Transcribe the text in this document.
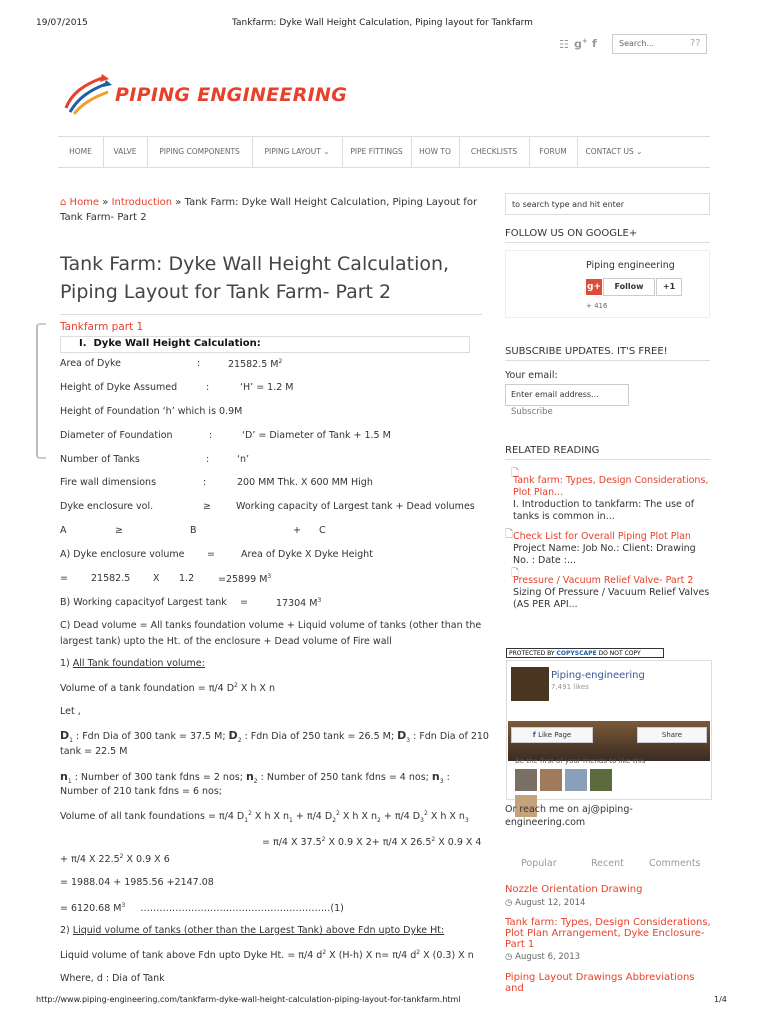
19/07/2015	Tankfarm: Dyke Wall Height Calculation, Piping layout for Tankfarm
☷ g+ f	Search...	??
PIPING ENGINEERING
HOME	VALVE	PIPING COMPONENTS	PIPING LAYOUT ⌄	PIPE FITTINGS	HOW TO	CHECKLISTS	FORUM	CONTACT US ⌄
⌂ Home » Introduction » Tank Farm: Dyke Wall Height Calculation, Piping Layout for Tank Farm- Part 2
Tank Farm: Dyke Wall Height Calculation, Piping Layout for Tank Farm- Part 2
Tankfarm part 1
I. Dyke Wall Height Calculation:
Area of Dyke	:	21582.5 $M^2$
Height of Dyke Assumed	:	‘H’ = 1.2 M
Height of Foundation ‘h’ which is 0.9M
Diameter of Foundation	:	‘D’ = Diameter of Tank + 1.5 M
Number of Tanks	:	‘n’
Fire wall dimensions	:	200 MM Thk. X 600 MM High
Dyke enclosure vol.	≥	Working capacity of Largest tank + Dead volumes
A	≥	B	+ C
A) Dyke enclosure volume =	Area of Dyke X Dyke Height
= 21582.5 X 1.2	=25899 $M^3$
B) Working capacityof Largest tank =	17304 $M^3$
C) Dead volume = All tanks foundation volume + Liquid volume of tanks (other than the largest tank) upto the Ht. of the enclosure + Dead volume of Fire wall
1) All Tank foundation volume:
Volume of a tank foundation = π/4 $D^2$ X h X n
Let ,
$D_1$ : Fdn Dia of 300 tank = 37.5 M; $D_2$ : Fdn Dia of 250 tank = 26.5 M; $D_3$ : Fdn Dia of 210
tank = 22.5 M
$n_1$ : Number of 300 tank fdns = 2 nos; $n_2$ : Number of 250 tank fdns = 4 nos; $n_3$ :
Number of 210 tank fdns = 6 nos;
Volume of all tank foundations = π/4 $D_1^2$ X h X $n_1 + \pi/4$ $D_2^2$ X h X $n_2 + \pi/4$ $D_3^2$ X h X $n_3$
= π/4 X 37.5$^2$ X 0.9 X 2+ π/4 X 26.5$^2$ X 0.9 X 4
+ π/4 X 22.5$^2$ X 0.9 X 6
= 1988.04 + 1985.56 +2147.08
= 6120.68 $M^3$ ……………………………………………………(1)
2) Liquid volume of tanks (other than the Largest Tank) above Fdn upto Dyke Ht:
Liquid volume of tank above Fdn upto Dyke Ht. = π/4 $d^2$ X (H-h) X n= π/4 $d^2$ X (0.3) X n
Where, d : Dia of Tank
to search type and hit enter
FOLLOW US ON GOOGLE+
Piping engineering
g+	Follow	+1
+ 416
SUBSCRIBE UPDATES. IT'S FREE!
Your email:
Enter email address...
Subscribe
RELATED READING
🗋
Tank farm: Types, Design Considerations, Plot Plan...
I. Introduction to tankfarm: The use of tanks is common in...
🗋 Check List for Overall Piping Plot Plan Project Name: Job No.: Client: Drawing No. : Date :...
🗋
Pressure / Vacuum Relief Valve- Part 2 Sizing Of Pressure / Vacuum Relief Valves (AS PER API...
PROTECTED BY COPYSCAPE DO NOT COPY
Piping-engineering
7,491 likes
f Like Page	Share
Be the first of your friends to like this
Or reach me on aj@piping-engineering.com
Popular	Recent	Comments
Nozzle Orientation Drawing
◷ August 12, 2014
Tank farm: Types, Design Considerations, Plot Plan Arrangement, Dyke Enclosure- Part 1
◷ August 6, 2013
Piping Layout Drawings Abbreviations and
http://www.piping-engineering.com/tankfarm-dyke-wall-height-calculation-piping-layout-for-tankfarm.html	1/4
